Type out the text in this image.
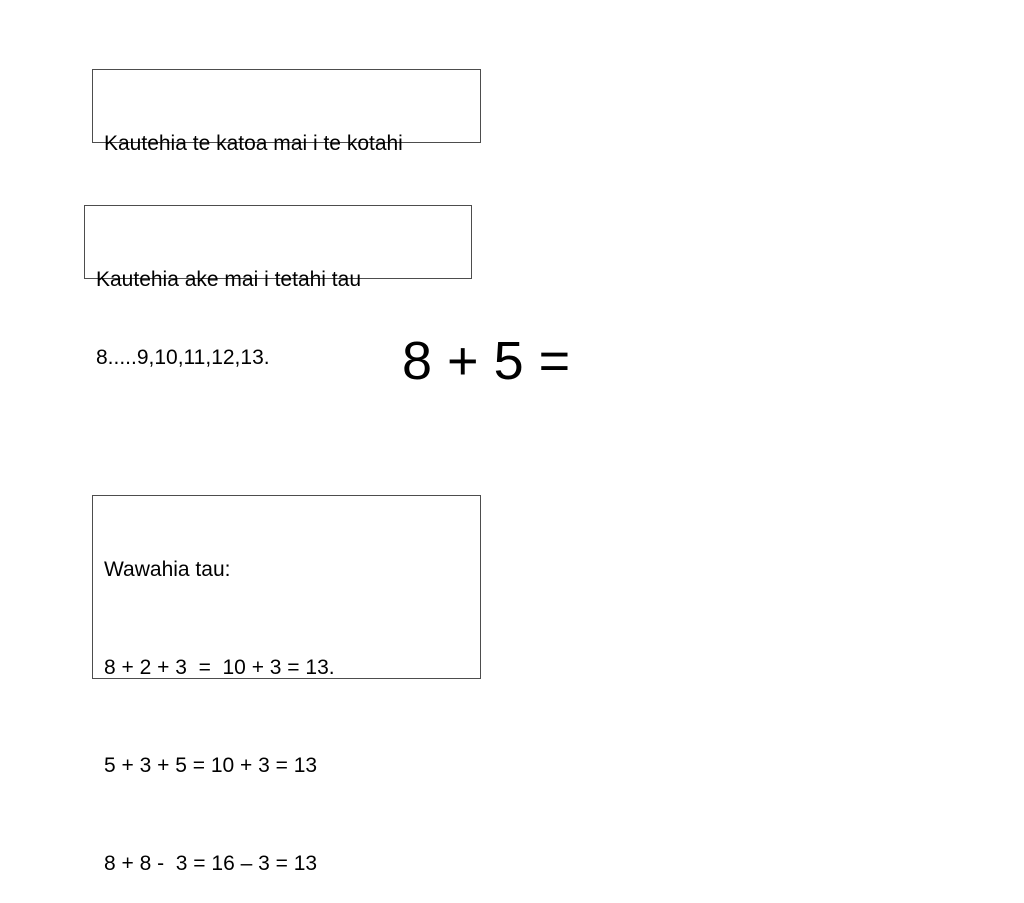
Kautehia te katoa mai i te kotahi

Kautehia ake mai i tetahi tau

8.....9,10,11,12,13.	8 + 5 =

Wawahia tau:

8 + 2 + 3  =  10 + 3 = 13.

5 + 3 + 5 = 10 + 3 = 13

8 + 8 -  3 = 16 – 3 = 13
